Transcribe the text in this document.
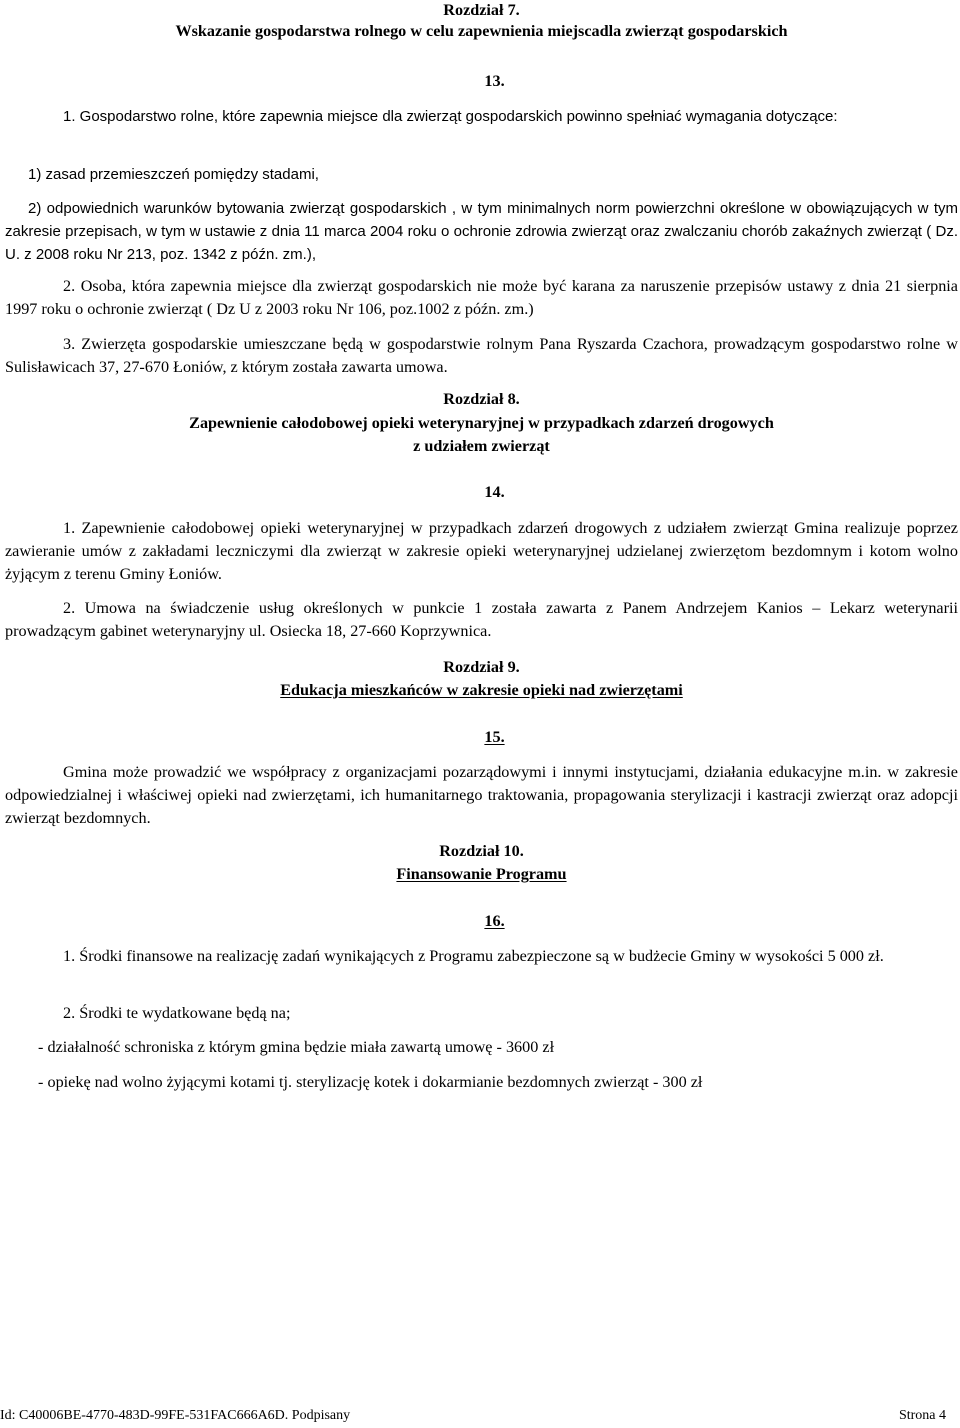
Rozdział 7.
Wskazanie gospodarstwa rolnego w celu zapewnienia miejscadla zwierząt gospodarskich
13.
1. Gospodarstwo rolne, które zapewnia miejsce dla zwierząt gospodarskich powinno spełniać wymagania dotyczące:
1) zasad przemieszczeń pomiędzy stadami,
2) odpowiednich warunków bytowania zwierząt gospodarskich , w tym minimalnych norm powierzchni określone w obowiązujących w tym zakresie przepisach, w tym w ustawie z dnia 11 marca 2004 roku o ochronie zdrowia zwierząt oraz zwalczaniu chorób zakaźnych zwierząt ( Dz. U. z 2008 roku Nr 213, poz. 1342 z późn. zm.),
2. Osoba, która zapewnia miejsce dla zwierząt gospodarskich nie może być karana za naruszenie przepisów ustawy z dnia 21 sierpnia 1997 roku o ochronie zwierząt ( Dz U z 2003 roku Nr 106, poz.1002 z późn. zm.)
3. Zwierzęta gospodarskie umieszczane będą w gospodarstwie rolnym Pana Ryszarda Czachora, prowadzącym gospodarstwo rolne w Sulisławicach 37, 27-670 Łoniów, z którym została zawarta umowa.
Rozdział 8.
Zapewnienie całodobowej opieki weterynaryjnej w przypadkach zdarzeń drogowych
z udziałem zwierząt
14.
1. Zapewnienie całodobowej opieki weterynaryjnej w przypadkach zdarzeń drogowych z udziałem zwierząt Gmina realizuje poprzez zawieranie umów z zakładami leczniczymi dla zwierząt w zakresie opieki weterynaryjnej udzielanej zwierzętom bezdomnym i kotom wolno żyjącym z terenu Gminy Łoniów.
2. Umowa na świadczenie usług określonych w punkcie 1 została zawarta z Panem Andrzejem Kanios – Lekarz weterynarii prowadzącym gabinet weterynaryjny ul. Osiecka 18, 27-660 Koprzywnica.
Rozdział 9.
Edukacja mieszkańców w zakresie opieki nad zwierzętami
15.
Gmina może prowadzić we współpracy z organizacjami pozarządowymi i innymi instytucjami, działania edukacyjne m.in. w zakresie odpowiedzialnej i właściwej opieki nad zwierzętami, ich humanitarnego traktowania, propagowania sterylizacji i kastracji zwierząt oraz adopcji zwierząt bezdomnych.
Rozdział 10.
Finansowanie Programu
16.
1. Środki finansowe na realizację zadań wynikających z Programu zabezpieczone są w budżecie Gminy w wysokości 5 000 zł.
2. Środki te wydatkowane będą na;
- działalność schroniska z którym gmina będzie miała zawartą umowę - 3600 zł
- opiekę nad wolno żyjącymi kotami tj. sterylizację kotek i dokarmianie bezdomnych zwierząt - 300 zł
Id: C40006BE-4770-483D-99FE-531FAC666A6D. Podpisany	Strona 4
